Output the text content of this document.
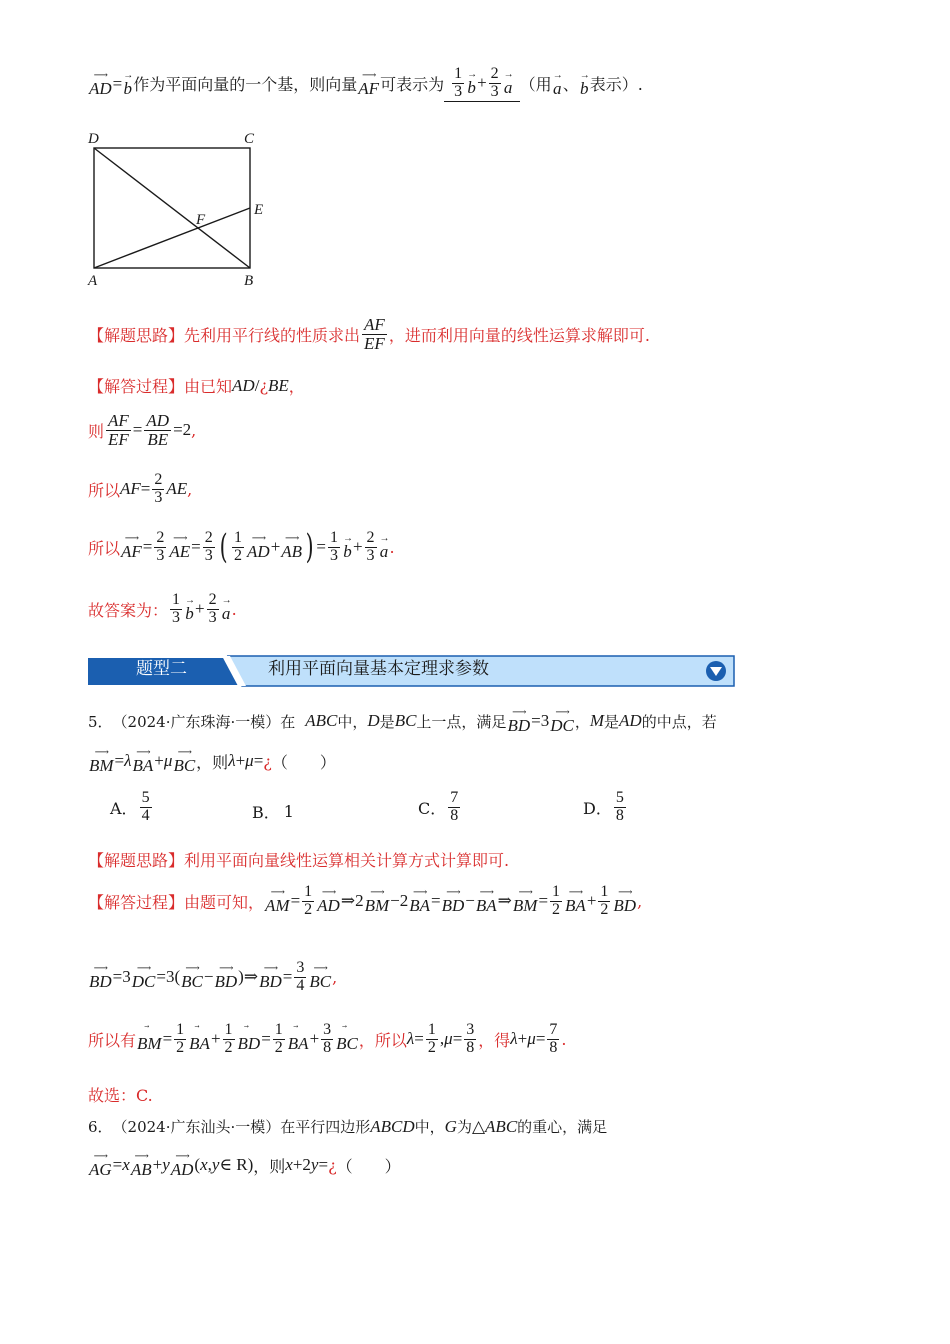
⟶
AD = →
b 作为平面向量的一个基，则向量 ⟶
AF 可表示为 $\frac{1}{3}$ →
$b + \frac{2}{3}$ →
a （用 →
a 、 →
b 表示）.
D	C
E
F
A	B
【解题思路】 先利用平行线的性质求出 $\frac{AF}{EF}$ ，进而利用向量的线性运算求解即可.
【解答过程】 由已知 AD / ¿ BE ，
则 $\frac{AF}{EF} = \frac{AD}{BE} =2$ ,
所以 AF = $\frac{2}{3}$ AE ,
所以 ⟶
AF = $\frac{2}{3}$ ⟶
AE = $\frac{2}{3}$ ( $\frac{1}{2}$ ⟶
AD + ⟶
AB ) = $\frac{1}{3}$ →
$b + \frac{2}{3}$ →
a .
故答案为： $\frac{1}{3}$ →
$b + \frac{2}{3}$ →
a .
题型二	利用平面向量基本定理求参数
5． （2024·广东珠海·一模）在 ABC 中， D 是 BC 上一点，满足 ⟶
BD =3 ⟶
DC ， M 是 AD 的中点，若
⟶
BM = λ ⟶
BA + μ ⟶
BC ，则 λ + μ = ¿ （　　）
A． $\frac{5}{4}$	B． 1	C． $\frac{7}{8}$	D． $\frac{5}{8}$
【解题思路】 利用平面向量线性运算相关计算方式计算即可.
【解答过程】 由题可知， ⟶
AM = $\frac{1}{2}$ ⟶
AD ⇒2 ⟶
BM −2 ⟶
BA = ⟶
BD − ⟶
BA ⇒ ⟶
BM = $\frac{1}{2}$ ⟶
BA + $\frac{1}{2}$ ⟶
BD ,
⟶
BD =3 ⟶
DC =3 ( ⟶
BC − ⟶
BD )⇒ ⟶
BD = $\frac{3}{4}$ ⟶
BC ,
所以有 BM = $\frac{1}{2}$ BA + $\frac{1}{2}$ BD = $\frac{1}{2}$ BA + $\frac{3}{8}$ BC ，所以 $\lambda = \frac{1}{2}$ , $\mu = \frac{3}{8}$ ，得 $\lambda + \mu = \frac{7}{8}$ .
故选：C.
6． （2024·广东汕头·一模）在平行四边形 ABCD 中， G 为 △ ABC 的重心，满足
⟶
AG = x ⟶
AB + y ⟶
AD ( x , y ∈ R) ，则 x +2 y = ¿ （　　）
